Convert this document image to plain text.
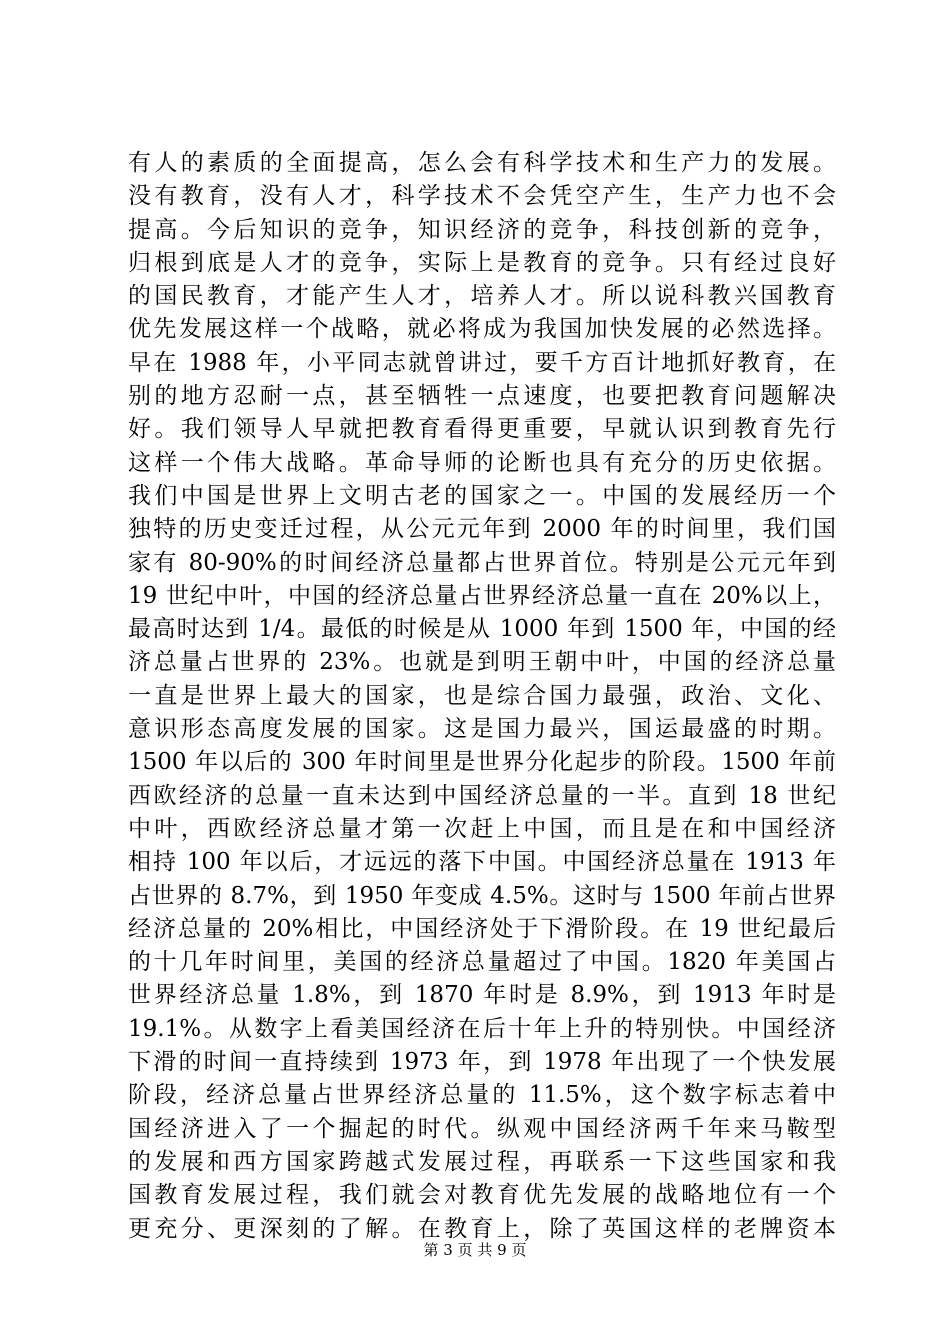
有人的素质的全面提高，怎么会有科学技术和生产力的发展。
没有教育，没有人才，科学技术不会凭空产生，生产力也不会
提高。今后知识的竞争，知识经济的竞争，科技创新的竞争，
归根到底是人才的竞争，实际上是教育的竞争。只有经过良好
的国民教育，才能产生人才，培养人才。所以说科教兴国教育
优先发展这样一个战略，就必将成为我国加快发展的必然选择。
早在 1988 年，小平同志就曾讲过，要千方百计地抓好教育，在
别的地方忍耐一点，甚至牺牲一点速度，也要把教育问题解决
好。我们领导人早就把教育看得更重要，早就认识到教育先行
这样一个伟大战略。革命导师的论断也具有充分的历史依据。
我们中国是世界上文明古老的国家之一。中国的发展经历一个
独特的历史变迁过程，从公元元年到 2000 年的时间里，我们国
家有 80-90%的时间经济总量都占世界首位。特别是公元元年到
19 世纪中叶，中国的经济总量占世界经济总量一直在 20%以上，
最高时达到 1/4。最低的时候是从 1000 年到 1500 年，中国的经
济总量占世界的 23%。也就是到明王朝中叶，中国的经济总量
一直是世界上最大的国家，也是综合国力最强，政治、文化、
意识形态高度发展的国家。这是国力最兴，国运最盛的时期。
1500 年以后的 300 年时间里是世界分化起步的阶段。1500 年前
西欧经济的总量一直未达到中国经济总量的一半。直到 18 世纪
中叶，西欧经济总量才第一次赶上中国，而且是在和中国经济
相持 100 年以后，才远远的落下中国。中国经济总量在 1913 年
占世界的 8.7%，到 1950 年变成 4.5%。这时与 1500 年前占世界
经济总量的 20%相比，中国经济处于下滑阶段。在 19 世纪最后
的十几年时间里，美国的经济总量超过了中国。1820 年美国占
世界经济总量 1.8%，到 1870 年时是 8.9%，到 1913 年时是
19.1%。从数字上看美国经济在后十年上升的特别快。中国经济
下滑的时间一直持续到 1973 年，到 1978 年出现了一个快发展
阶段，经济总量占世界经济总量的 11.5%，这个数字标志着中
国经济进入了一个掘起的时代。纵观中国经济两千年来马鞍型
的发展和西方国家跨越式发展过程，再联系一下这些国家和我
国教育发展过程，我们就会对教育优先发展的战略地位有一个
更充分、更深刻的了解。在教育上，除了英国这样的老牌资本
第 3 页 共 9 页
